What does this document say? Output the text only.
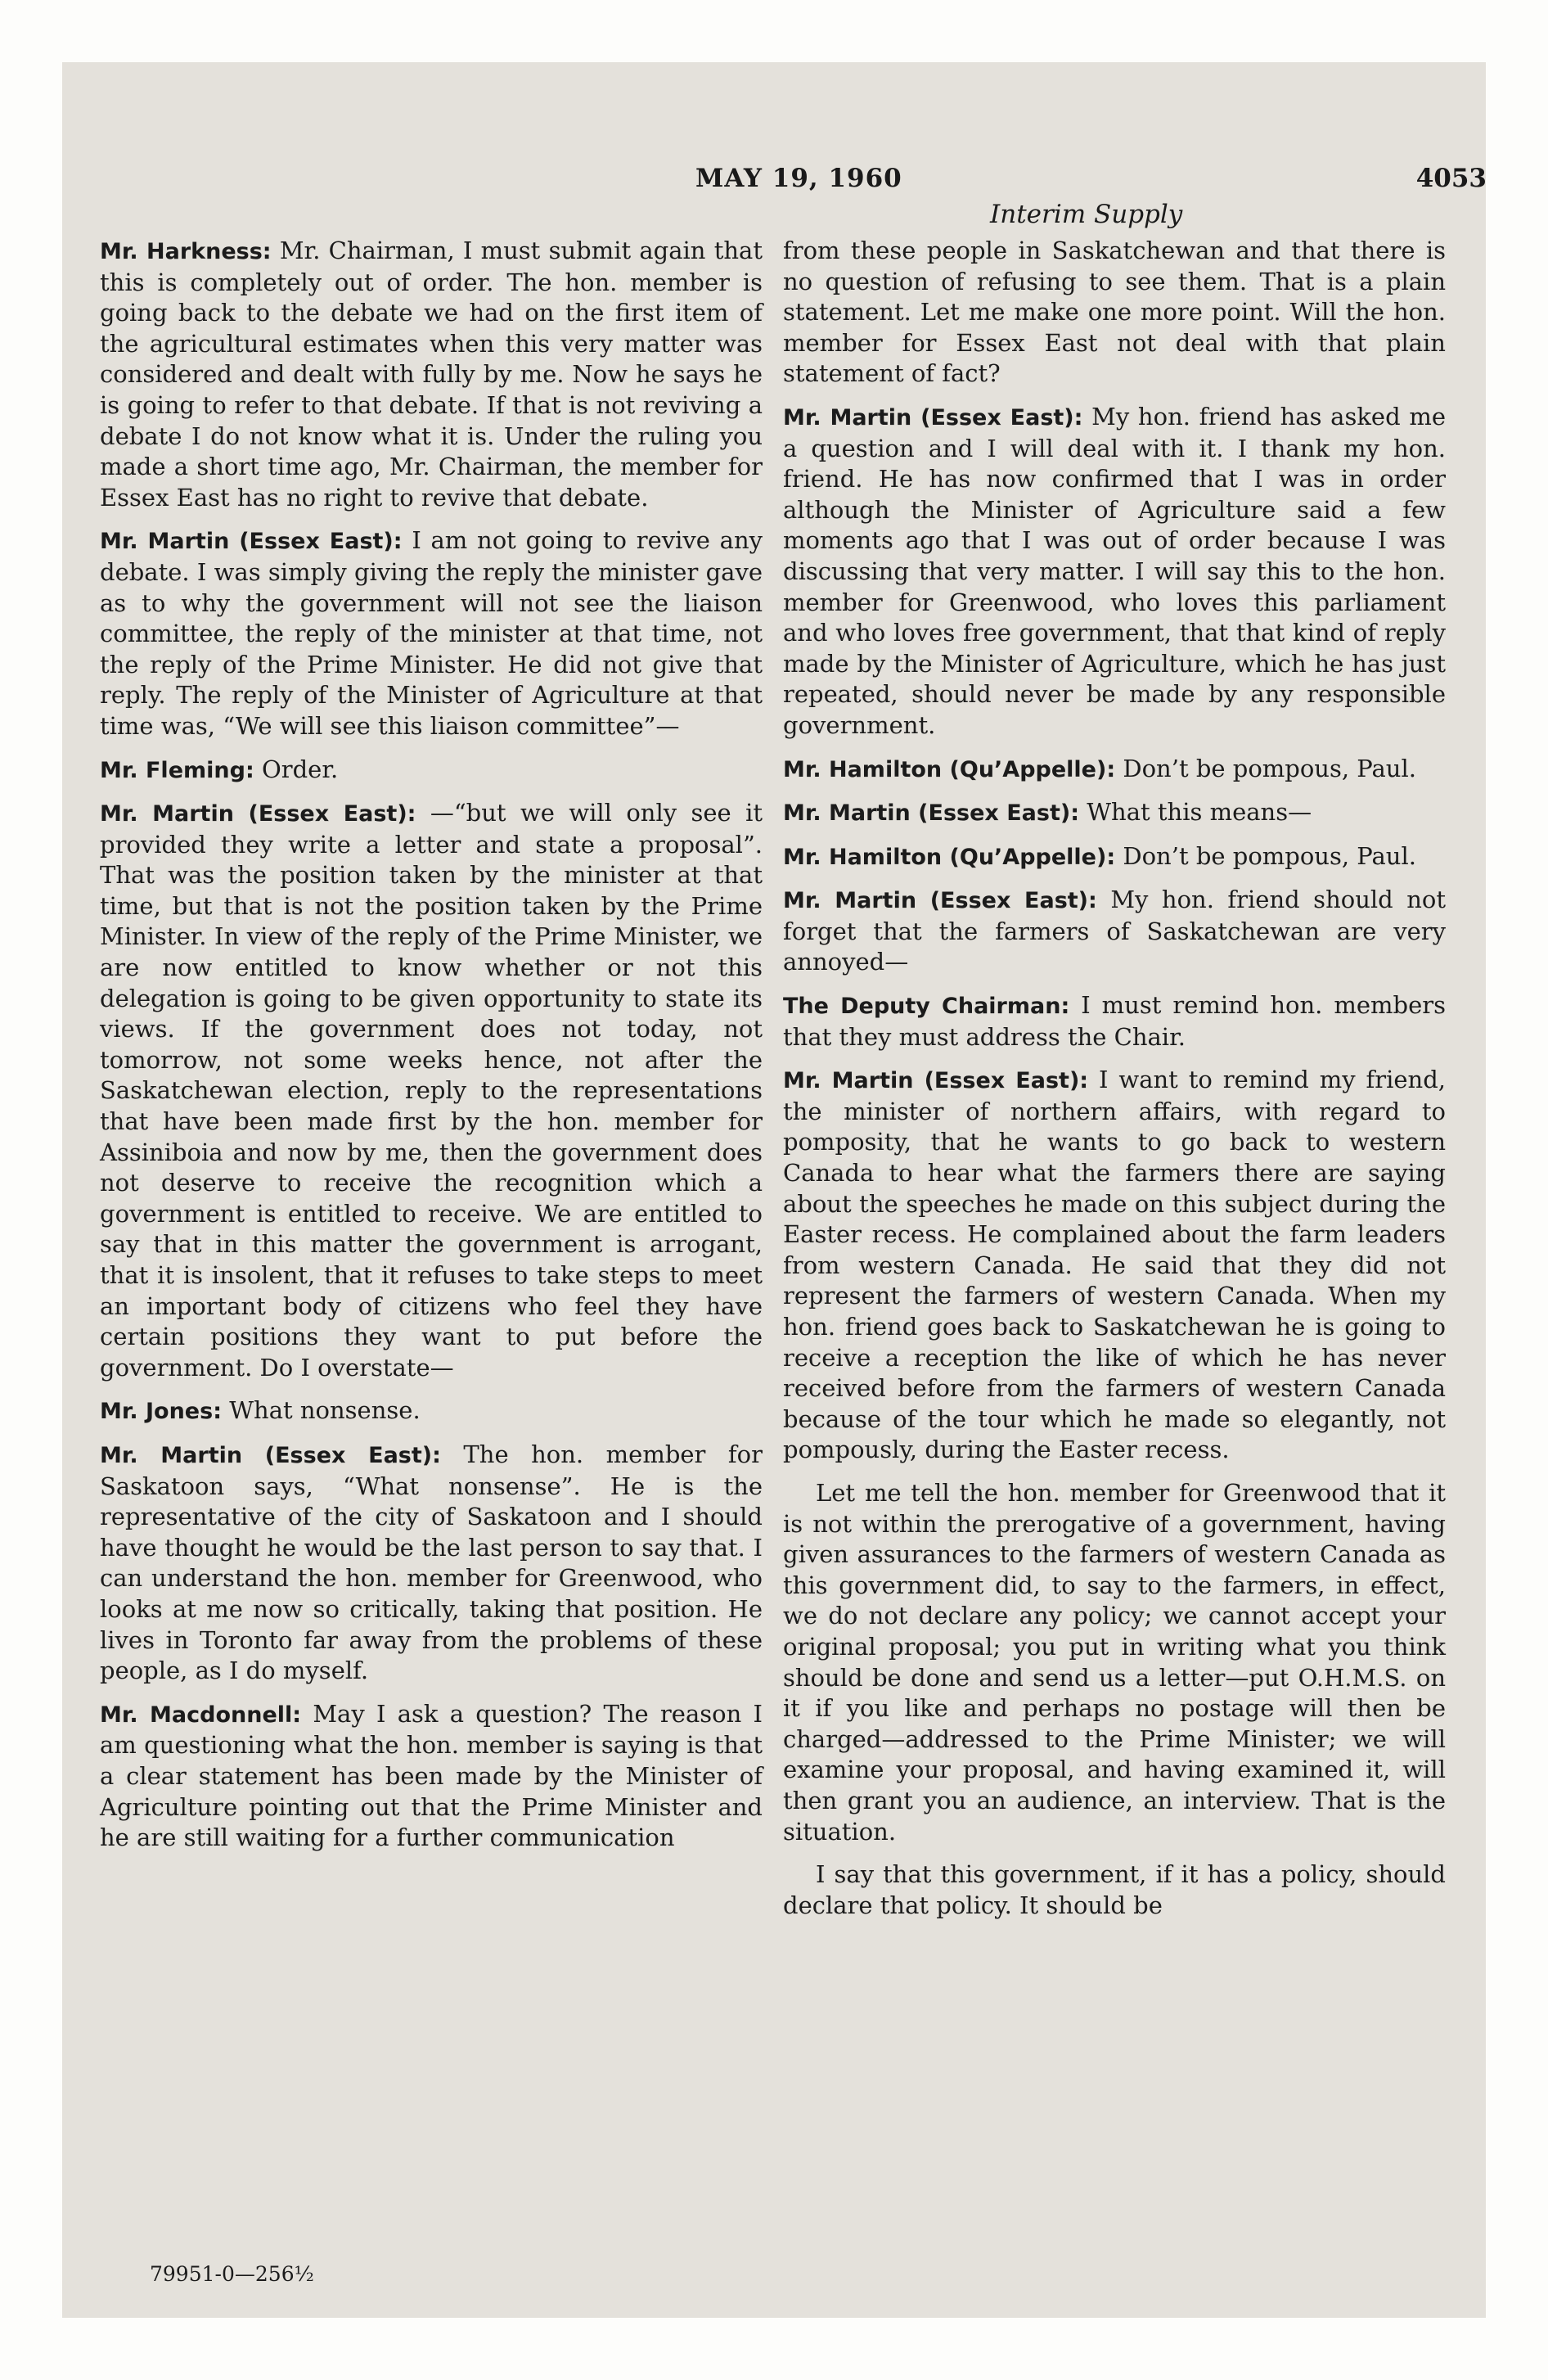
MAY 19, 1960	4053
Interim Supply

Mr. Harkness: Mr. Chairman, I must submit again that this is completely out of order. The hon. member is going back to the debate we had on the first item of the agricultural estimates when this very matter was considered and dealt with fully by me. Now he says he is going to refer to that debate. If that is not reviving a debate I do not know what it is. Under the ruling you made a short time ago, Mr. Chairman, the member for Essex East has no right to revive that debate.

Mr. Martin (Essex East): I am not going to revive any debate. I was simply giving the reply the minister gave as to why the government will not see the liaison committee, the reply of the minister at that time, not the reply of the Prime Minister. He did not give that reply. The reply of the Minister of Agriculture at that time was, “We will see this liaison committee”—

Mr. Fleming: Order.

Mr. Martin (Essex East): —“but we will only see it provided they write a letter and state a proposal”. That was the position taken by the minister at that time, but that is not the position taken by the Prime Minister. In view of the reply of the Prime Minister, we are now entitled to know whether or not this delegation is going to be given opportunity to state its views. If the government does not today, not tomorrow, not some weeks hence, not after the Saskatchewan election, reply to the representations that have been made first by the hon. member for Assiniboia and now by me, then the government does not deserve to receive the recognition which a government is entitled to receive. We are entitled to say that in this matter the government is arrogant, that it is insolent, that it refuses to take steps to meet an important body of citizens who feel they have certain positions they want to put before the government. Do I overstate—

Mr. Jones: What nonsense.

Mr. Martin (Essex East): The hon. member for Saskatoon says, “What nonsense”. He is the representative of the city of Saskatoon and I should have thought he would be the last person to say that. I can understand the hon. member for Greenwood, who looks at me now so critically, taking that position. He lives in Toronto far away from the problems of these people, as I do myself.

Mr. Macdonnell: May I ask a question? The reason I am questioning what the hon. member is saying is that a clear statement has been made by the Minister of Agriculture pointing out that the Prime Minister and he are still waiting for a further communication

from these people in Saskatchewan and that there is no question of refusing to see them. That is a plain statement. Let me make one more point. Will the hon. member for Essex East not deal with that plain statement of fact?

Mr. Martin (Essex East): My hon. friend has asked me a question and I will deal with it. I thank my hon. friend. He has now confirmed that I was in order although the Minister of Agriculture said a few moments ago that I was out of order because I was discussing that very matter. I will say this to the hon. member for Greenwood, who loves this parliament and who loves free government, that that kind of reply made by the Minister of Agriculture, which he has just repeated, should never be made by any responsible government.

Mr. Hamilton (Qu’Appelle): Don’t be pompous, Paul.

Mr. Martin (Essex East): What this means—

Mr. Hamilton (Qu’Appelle): Don’t be pompous, Paul.

Mr. Martin (Essex East): My hon. friend should not forget that the farmers of Saskatchewan are very annoyed—

The Deputy Chairman: I must remind hon. members that they must address the Chair.

Mr. Martin (Essex East): I want to remind my friend, the minister of northern affairs, with regard to pomposity, that he wants to go back to western Canada to hear what the farmers there are saying about the speeches he made on this subject during the Easter recess. He complained about the farm leaders from western Canada. He said that they did not represent the farmers of western Canada. When my hon. friend goes back to Saskatchewan he is going to receive a reception the like of which he has never received before from the farmers of western Canada because of the tour which he made so elegantly, not pompously, during the Easter recess.

Let me tell the hon. member for Greenwood that it is not within the prerogative of a government, having given assurances to the farmers of western Canada as this government did, to say to the farmers, in effect, we do not declare any policy; we cannot accept your original proposal; you put in writing what you think should be done and send us a letter—put O.H.M.S. on it if you like and perhaps no postage will then be charged—addressed to the Prime Minister; we will examine your proposal, and having examined it, will then grant you an audience, an interview. That is the situation.

I say that this government, if it has a policy, should declare that policy. It should be

79951-0—256½
